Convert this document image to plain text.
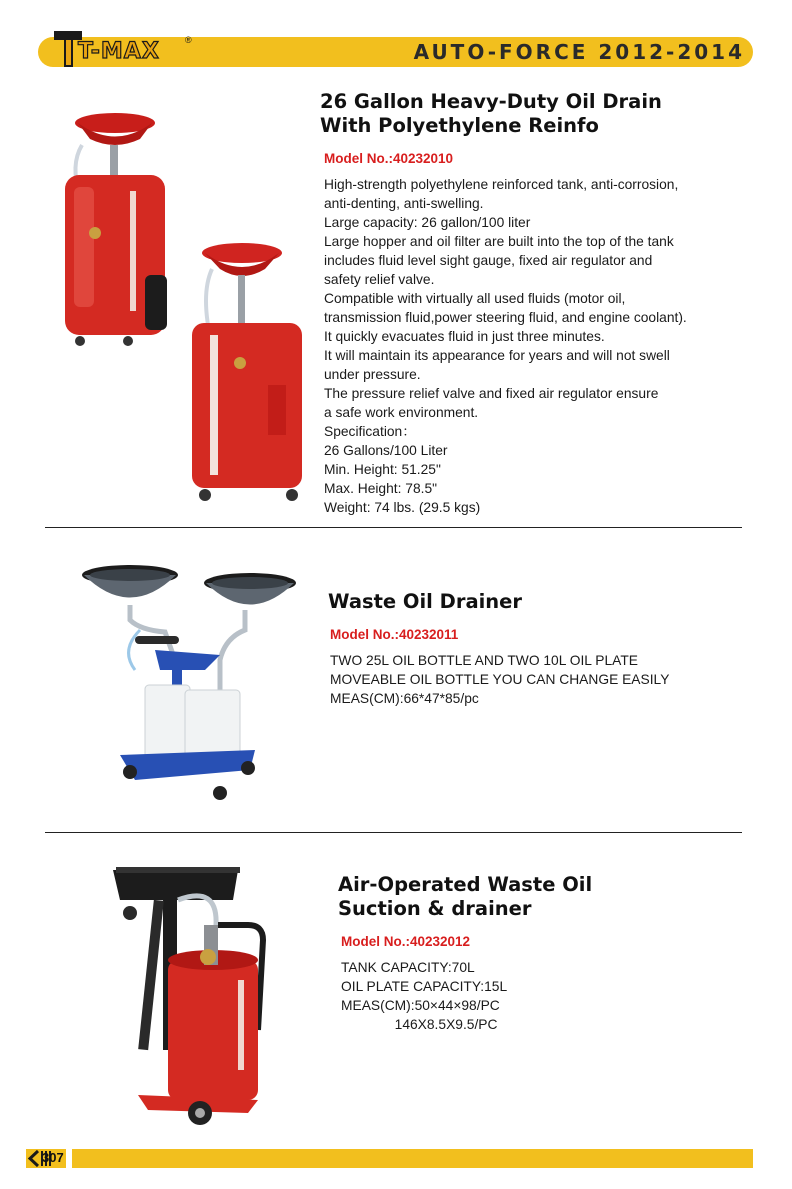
T-MAX	®	AUTO-FORCE 2012-2014
26 Gallon Heavy-Duty Oil Drain
With Polyethylene Reinfo
Model No.:40232010
High-strength polyethylene reinforced tank, anti-corrosion,
anti-denting, anti-swelling.
Large capacity: 26 gallon/100 liter
Large hopper and oil filter are built into the top of the tank
includes fluid level sight gauge, fixed air regulator and
safety relief valve.
Compatible with virtually all used fluids (motor oil,
transmission fluid,power steering fluid, and engine coolant).
It quickly evacuates fluid in just three minutes.
It will maintain its appearance for years and will not swell
under pressure.
The pressure relief valve and fixed air regulator ensure
a safe work environment.
Specification：
26 Gallons/100 Liter
Min. Height: 51.25"
Max. Height: 78.5"
Weight: 74 lbs. (29.5 kgs)
Waste Oil Drainer
Model No.:40232011
TWO 25L OIL BOTTLE AND TWO 10L OIL PLATE
MOVEABLE OIL BOTTLE YOU CAN CHANGE EASILY
MEAS(CM):66*47*85/pc
Air-Operated Waste Oil
Suction & drainer
Model No.:40232012
TANK CAPACITY:70L
OIL PLATE CAPACITY:15L
MEAS(CM):50×44×98/PC
146X8.5X9.5/PC
307
